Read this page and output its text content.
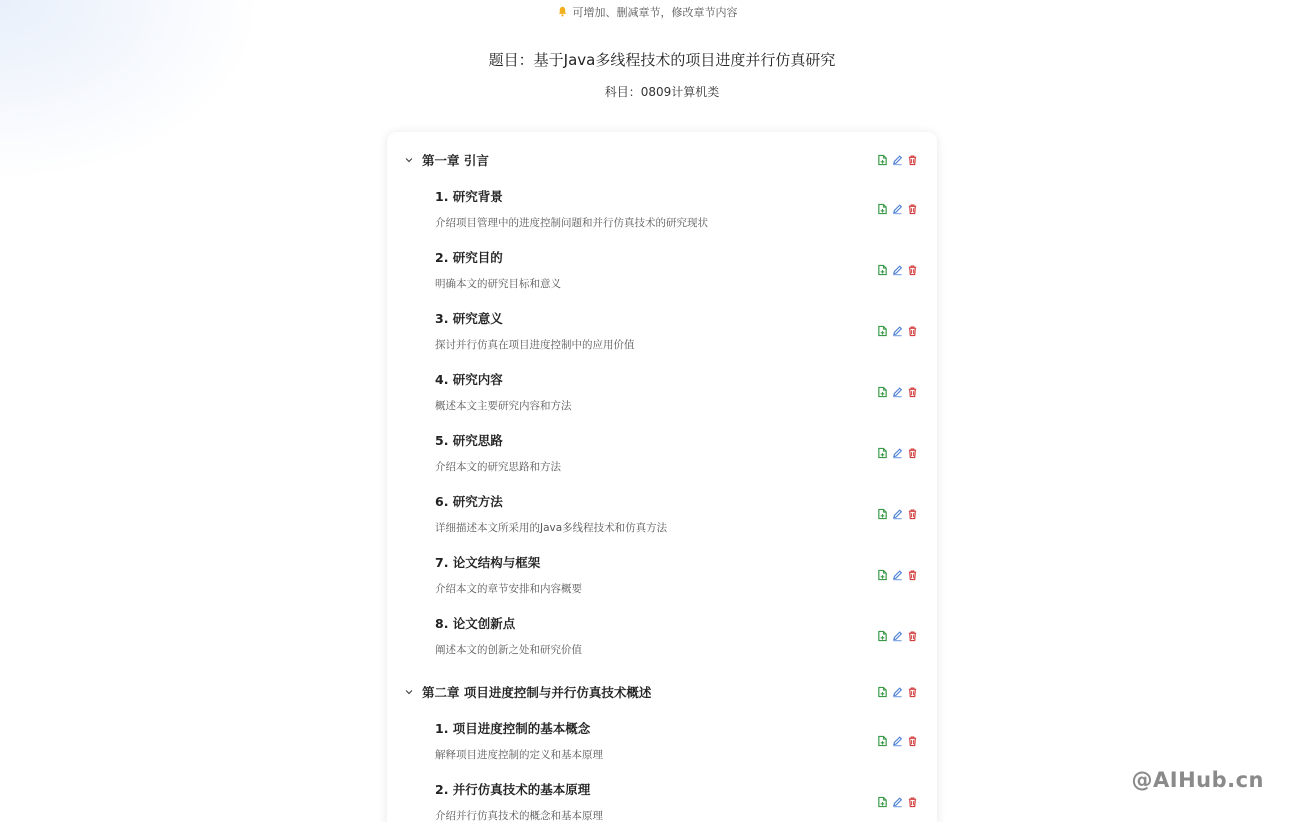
可增加、删减章节，修改章节内容
题目：基于Java多线程技术的项目进度并行仿真研究
科目：0809计算机类
第一章 引言
1. 研究背景
介绍项目管理中的进度控制问题和并行仿真技术的研究现状
2. 研究目的
明确本文的研究目标和意义
3. 研究意义
探讨并行仿真在项目进度控制中的应用价值
4. 研究内容
概述本文主要研究内容和方法
5. 研究思路
介绍本文的研究思路和方法
6. 研究方法
详细描述本文所采用的Java多线程技术和仿真方法
7. 论文结构与框架
介绍本文的章节安排和内容概要
8. 论文创新点
阐述本文的创新之处和研究价值
第二章 项目进度控制与并行仿真技术概述
1. 项目进度控制的基本概念
解释项目进度控制的定义和基本原理
2. 并行仿真技术的基本原理
介绍并行仿真技术的概念和基本原理
@AIHub.cn
